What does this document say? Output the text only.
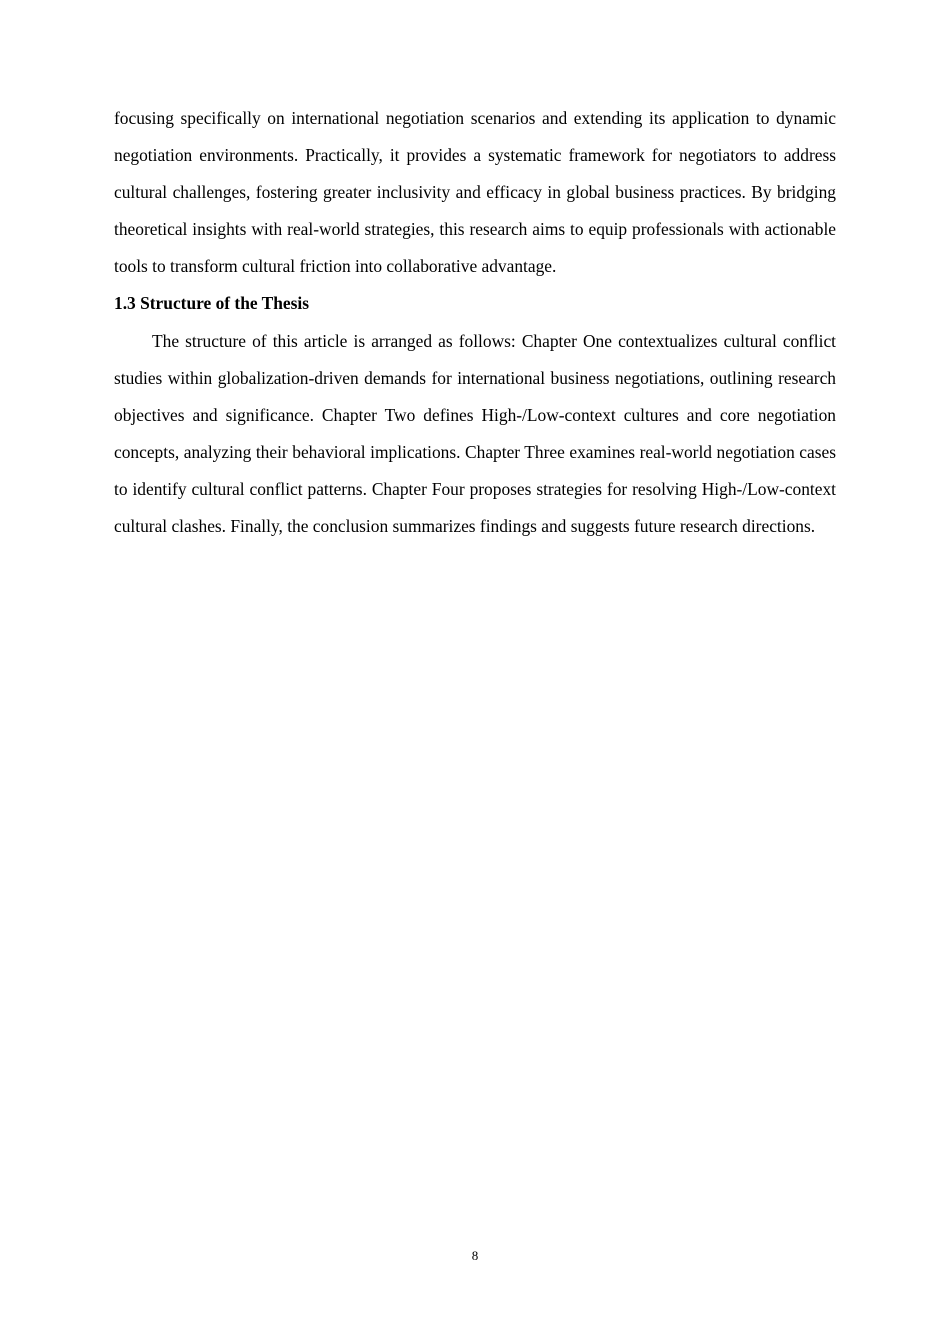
focusing specifically on international negotiation scenarios and extending its application to dynamic negotiation environments. Practically, it provides a systematic framework for negotiators to address cultural challenges, fostering greater inclusivity and efficacy in global business practices. By bridging theoretical insights with real-world strategies, this research aims to equip professionals with actionable tools to transform cultural friction into collaborative advantage.

1.3 Structure of the Thesis

The structure of this article is arranged as follows: Chapter One contextualizes cultural conflict studies within globalization-driven demands for international business negotiations, outlining research objectives and significance. Chapter Two defines High-/Low-context cultures and core negotiation concepts, analyzing their behavioral implications. Chapter Three examines real-world negotiation cases to identify cultural conflict patterns. Chapter Four proposes strategies for resolving High-/Low-context cultural clashes. Finally, the conclusion summarizes findings and suggests future research directions.

8
